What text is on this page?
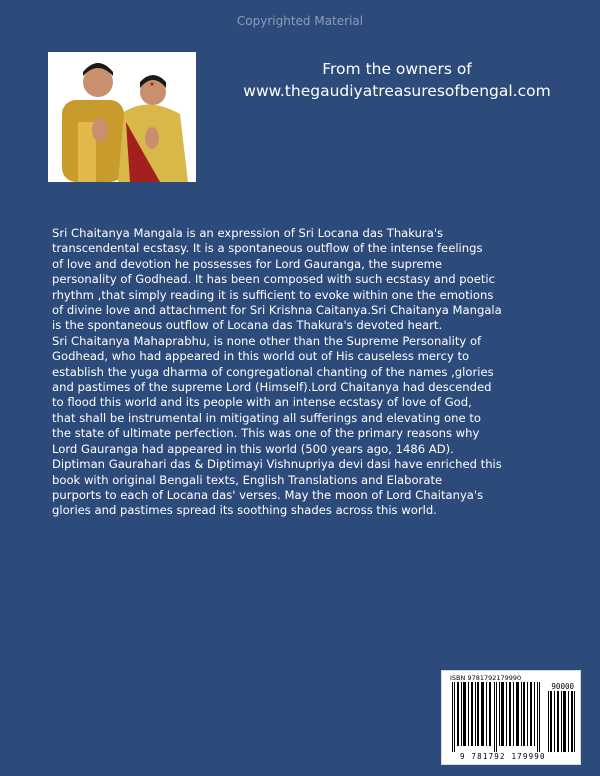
Copyrighted Material
From the owners of
www.thegaudiyatreasuresofbengal.com
Sri Chaitanya Mangala is an expression of Sri Locana das Thakura's
transcendental ecstasy. It is a spontaneous outflow of the intense feelings
of love and devotion he possesses for Lord Gauranga, the supreme
personality of Godhead. It has been composed with such ecstasy and poetic
rhythm ,that simply reading it is sufficient to evoke within one the emotions
of divine love and attachment for Sri Krishna Caitanya.Sri Chaitanya Mangala
is the spontaneous outflow of Locana das Thakura's devoted heart.
Sri Chaitanya Mahaprabhu, is none other than the Supreme Personality of
Godhead, who had appeared in this world out of His causeless mercy to
establish the yuga dharma of congregational chanting of the names ,glories
and pastimes of the supreme Lord (Himself).Lord Chaitanya had descended
to flood this world and its people with an intense ecstasy of love of God,
that shall be instrumental in mitigating all sufferings and elevating one to
the state of ultimate perfection. This was one of the primary reasons why
Lord Gauranga had appeared in this world (500 years ago, 1486 AD).
Diptiman Gaurahari das & Diptimayi Vishnupriya devi dasi have enriched this
book with original Bengali texts, English Translations and Elaborate
purports to each of Locana das' verses. May the moon of Lord Chaitanya's
glories and pastimes spread its soothing shades across this world.
ISBN 9781792179990
90000
9 781792 179990
